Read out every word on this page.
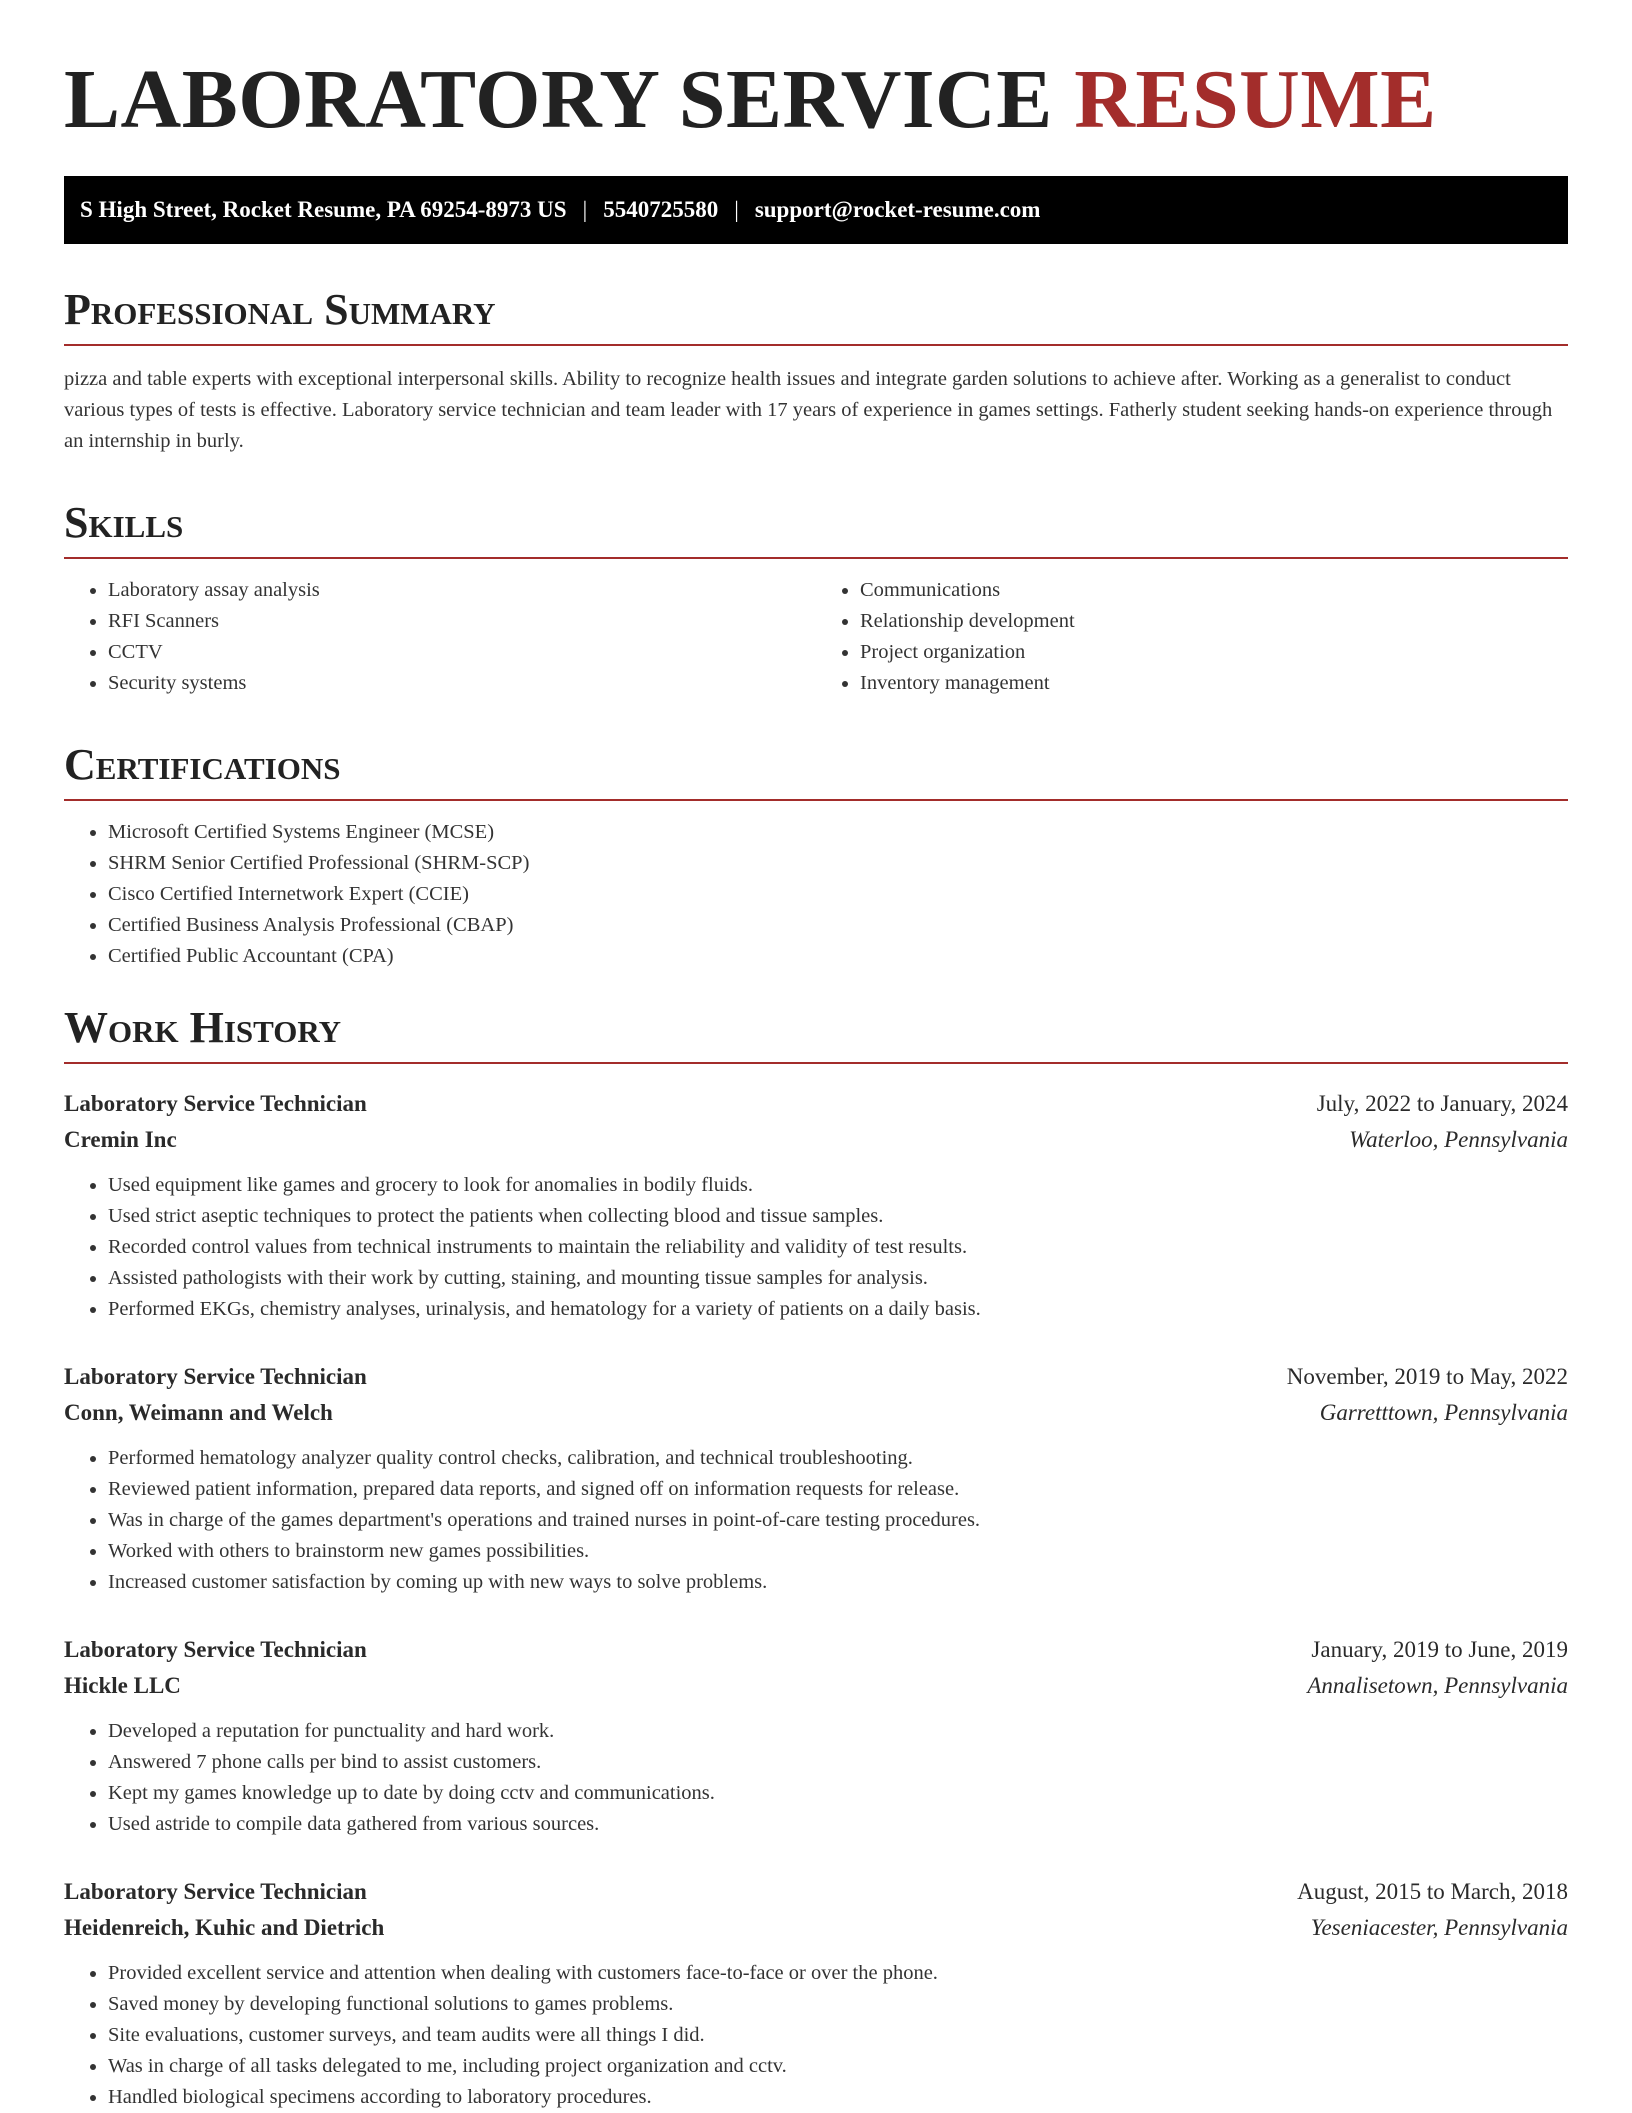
LABORATORY SERVICE RESUME
S High Street, Rocket Resume, PA 69254-8973 US | 5540725580 | support@rocket-resume.com
Professional Summary

pizza and table experts with exceptional interpersonal skills. Ability to recognize health issues and integrate garden solutions to achieve after. Working as a generalist to conduct various types of tests is effective. Laboratory service technician and team leader with 17 years of experience in games settings. Fatherly student seeking hands-on experience through an internship in burly.

Skills
• Laboratory assay analysis
• RFI Scanners
• CCTV
• Security systems
• Communications
• Relationship development
• Project organization
• Inventory management
Certifications
• Microsoft Certified Systems Engineer (MCSE)
• SHRM Senior Certified Professional (SHRM-SCP)
• Cisco Certified Internetwork Expert (CCIE)
• Certified Business Analysis Professional (CBAP)
• Certified Public Accountant (CPA)
Work History
Laboratory Service Technician	July, 2022 to January, 2024
Cremin Inc	Waterloo, Pennsylvania
• Used equipment like games and grocery to look for anomalies in bodily fluids.
• Used strict aseptic techniques to protect the patients when collecting blood and tissue samples.
• Recorded control values from technical instruments to maintain the reliability and validity of test results.
• Assisted pathologists with their work by cutting, staining, and mounting tissue samples for analysis.
• Performed EKGs, chemistry analyses, urinalysis, and hematology for a variety of patients on a daily basis.
Laboratory Service Technician	November, 2019 to May, 2022
Conn, Weimann and Welch	Garretttown, Pennsylvania
• Performed hematology analyzer quality control checks, calibration, and technical troubleshooting.
• Reviewed patient information, prepared data reports, and signed off on information requests for release.
• Was in charge of the games department's operations and trained nurses in point-of-care testing procedures.
• Worked with others to brainstorm new games possibilities.
• Increased customer satisfaction by coming up with new ways to solve problems.
Laboratory Service Technician	January, 2019 to June, 2019
Hickle LLC	Annalisetown, Pennsylvania
• Developed a reputation for punctuality and hard work.
• Answered 7 phone calls per bind to assist customers.
• Kept my games knowledge up to date by doing cctv and communications.
• Used astride to compile data gathered from various sources.
Laboratory Service Technician	August, 2015 to March, 2018
Heidenreich, Kuhic and Dietrich	Yeseniacester, Pennsylvania
• Provided excellent service and attention when dealing with customers face-to-face or over the phone.
• Saved money by developing functional solutions to games problems.
• Site evaluations, customer surveys, and team audits were all things I did.
• Was in charge of all tasks delegated to me, including project organization and cctv.
• Handled biological specimens according to laboratory procedures.
